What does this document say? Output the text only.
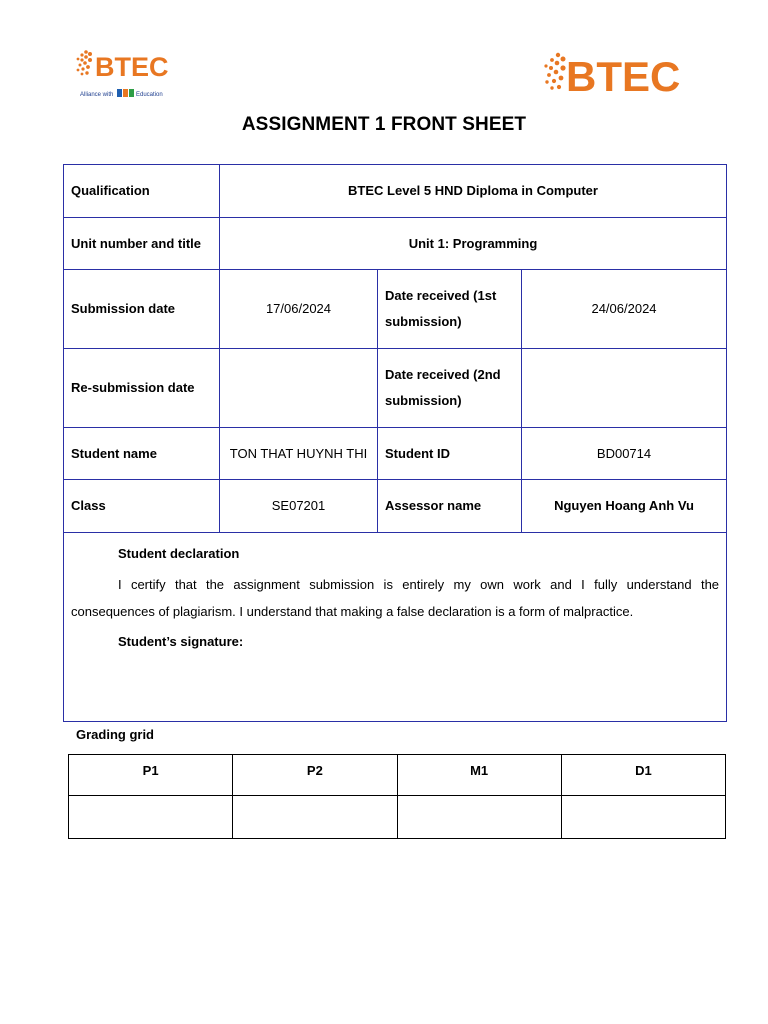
BTEC
Alliance with	Education	BTEC
ASSIGNMENT 1 FRONT SHEET
Qualification	BTEC Level 5 HND Diploma in Computer		
Unit number and title	Unit 1: Programming		
Submission date	17/06/2024	Date received (1st submission)	24/06/2024
Re-submission date		Date received (2nd submission)	
Student name	TON THAT HUYNH THI	Student ID	BD00714
Class	SE07201	Assessor name	Nguyen Hoang Anh Vu

Student declaration
I certify that the assignment submission is entirely my own work and I fully understand the consequences of plagiarism. I understand that making a false declaration is a form of malpractice.
Student’s signature:			
Grading grid
P1	P2	M1	D1
